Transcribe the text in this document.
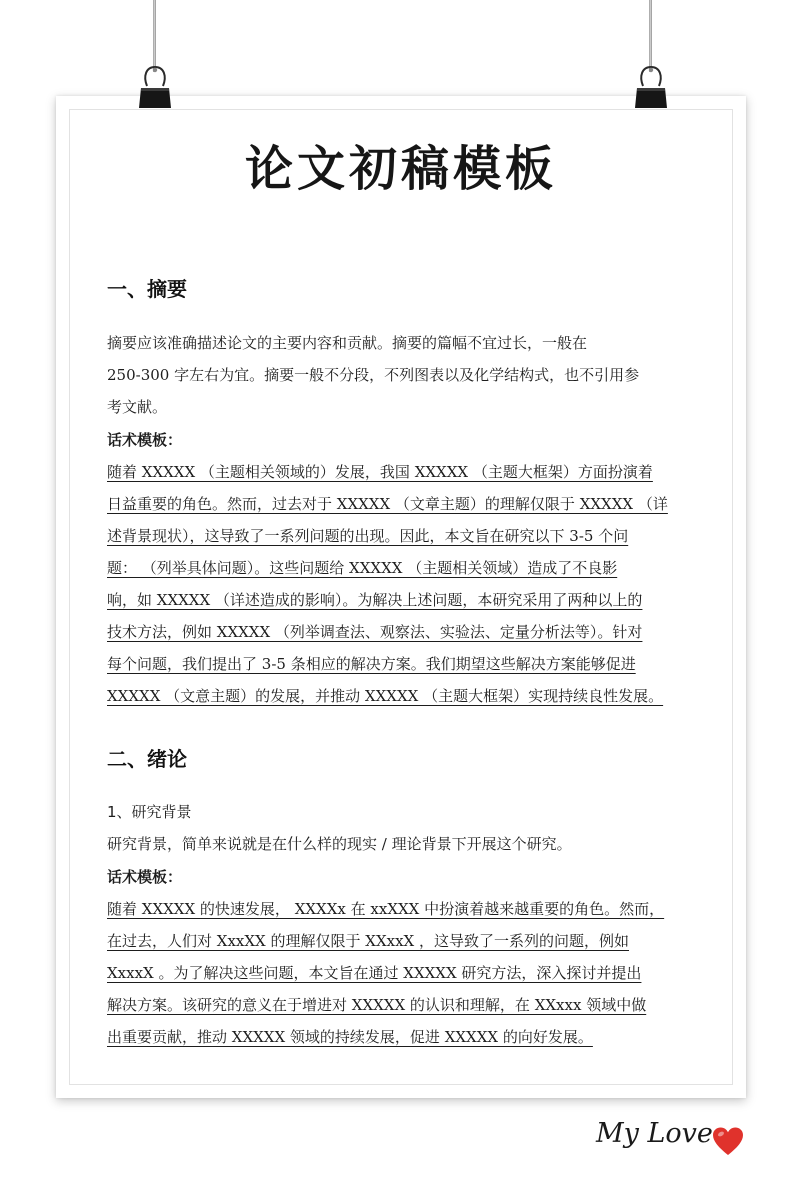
论文初稿模板
一、摘要
摘要应该准确描述论文的主要内容和贡献。摘要的篇幅不宜过长，一般在
250-300 字左右为宜。摘要一般不分段，不列图表以及化学结构式，也不引用参
考文献。
话术模板：
随着 XXXXX （主题相关领域的）发展，我国 XXXXX （主题大框架）方面扮演着
日益重要的角色。然而，过去对于 XXXXX （文章主题）的理解仅限于 XXXXX （详
述背景现状），这导致了一系列问题的出现。因此，本文旨在研究以下 3-5 个问
题： （列举具体问题）。这些问题给 XXXXX （主题相关领域）造成了不良影
响，如 XXXXX （详述造成的影响）。为解决上述问题，本研究采用了两种以上的
技术方法，例如 XXXXX （列举调查法、观察法、实验法、定量分析法等）。针对
每个问题，我们提出了 3-5 条相应的解决方案。我们期望这些解决方案能够促进
XXXXX （文意主题）的发展，并推动 XXXXX （主题大框架）实现持续良性发展。
二、绪论
1、研究背景
研究背景，简单来说就是在什么样的现实 / 理论背景下开展这个研究。
话术模板：
随着 XXXXX 的快速发展， XXXXx 在 xxXXX 中扮演着越来越重要的角色。然而，
在过去，人们对 XxxXX 的理解仅限于 XXxxX ，这导致了一系列的问题，例如
XxxxX 。为了解决这些问题，本文旨在通过 XXXXX 研究方法，深入探讨并提出
解决方案。该研究的意义在于增进对 XXXXX 的认识和理解，在 XXxxx 领域中做
出重要贡献，推动 XXXXX 领域的持续发展，促进 XXXXX 的向好发展。
My Love
